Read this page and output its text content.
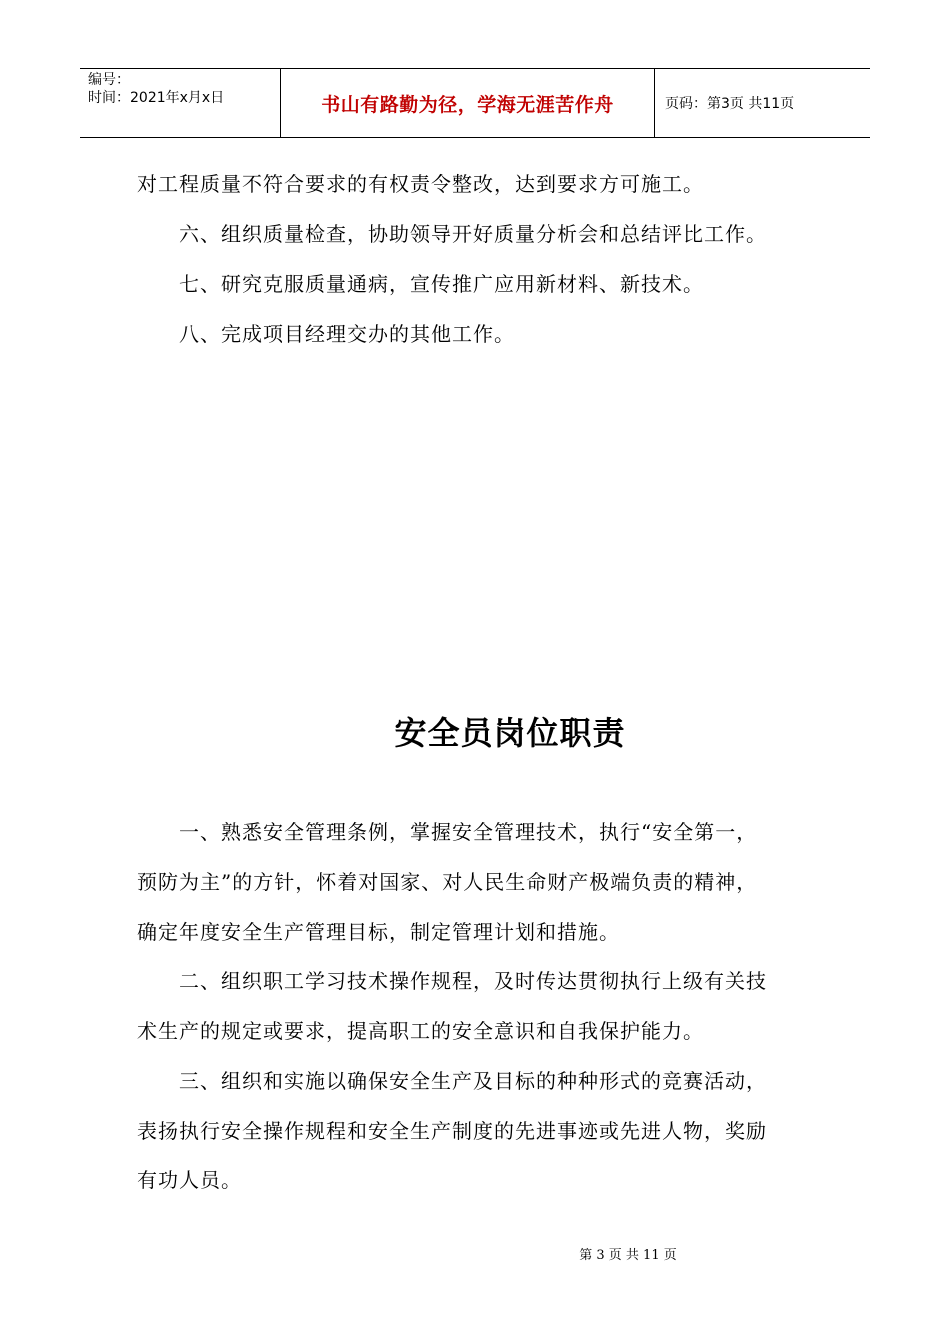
编号：
时间：2021年x月x日	书山有路勤为径，学海无涯苦作舟	页码：第3页 共11页
对工程质量不符合要求的有权责令整改，达到要求方可施工。
六、组织质量检查，协助领导开好质量分析会和总结评比工作。
七、研究克服质量通病，宣传推广应用新材料、新技术。
八、完成项目经理交办的其他工作。
安全员岗位职责
一、熟悉安全管理条例，掌握安全管理技术，执行“安全第一，
预防为主”的方针，怀着对国家、对人民生命财产极端负责的精神，
确定年度安全生产管理目标，制定管理计划和措施。
二、组织职工学习技术操作规程，及时传达贯彻执行上级有关技
术生产的规定或要求，提高职工的安全意识和自我保护能力。
三、组织和实施以确保安全生产及目标的种种形式的竞赛活动，
表扬执行安全操作规程和安全生产制度的先进事迹或先进人物，奖励
有功人员。
第 3 页 共 11 页
